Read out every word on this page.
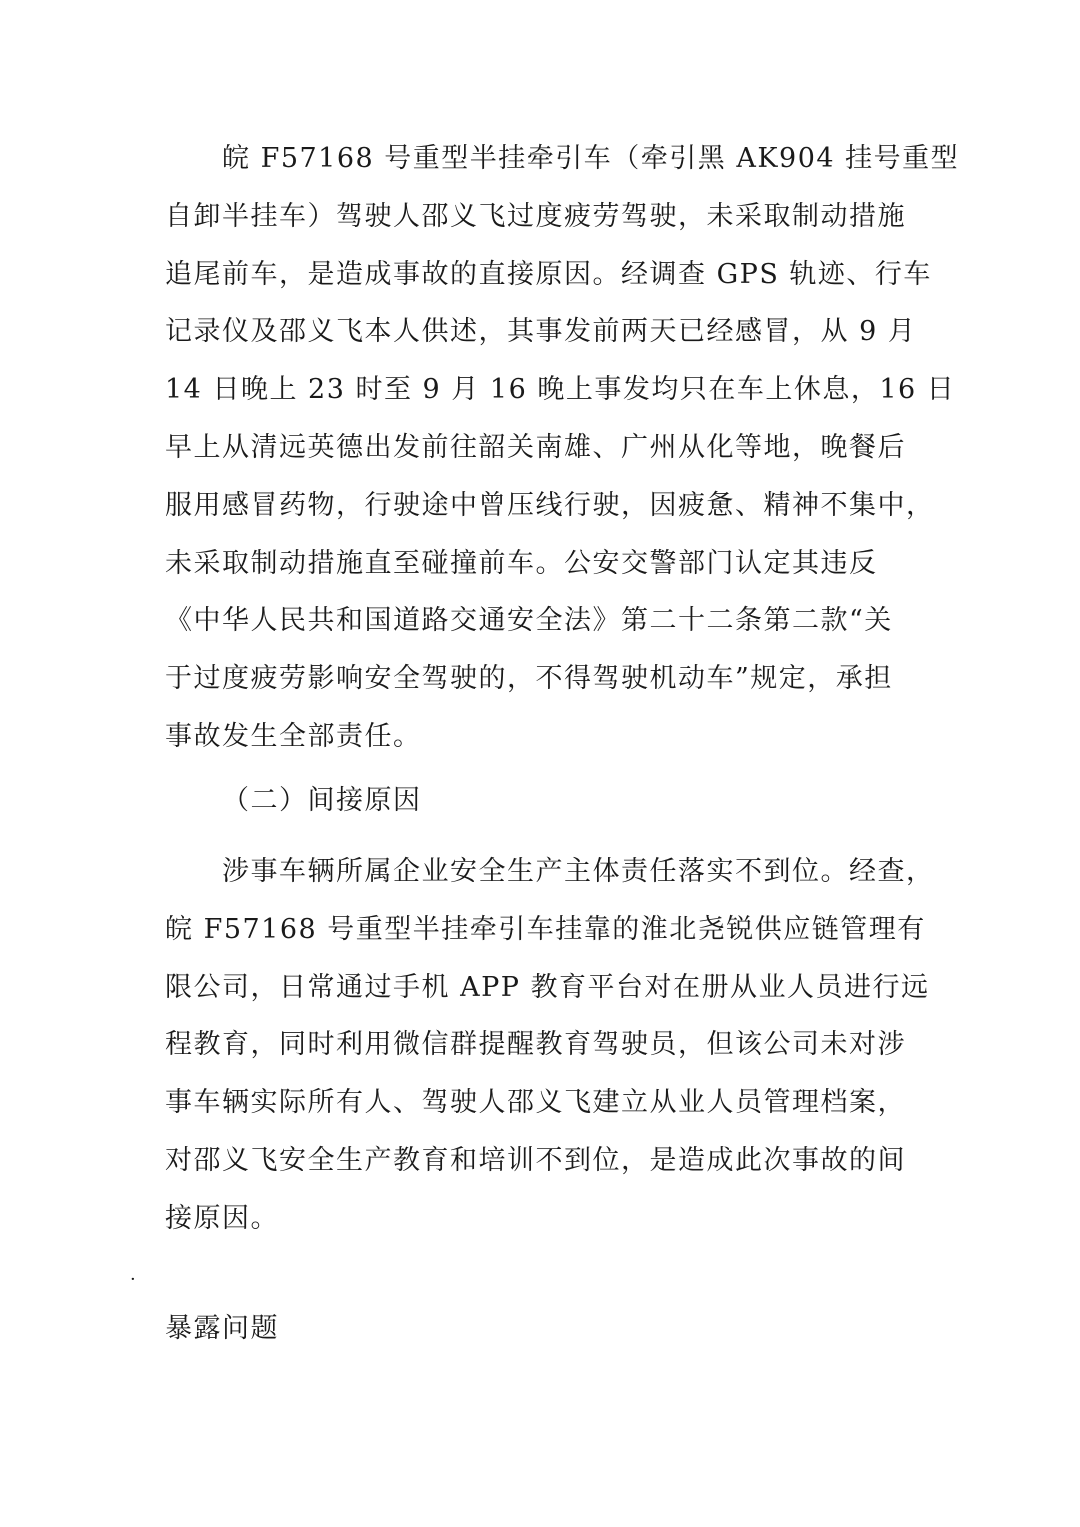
皖 F57168 号重型半挂牵引车（牵引黑 AK904 挂号重型
自卸半挂车）驾驶人邵义飞过度疲劳驾驶，未采取制动措施
追尾前车，是造成事故的直接原因。经调查 GPS 轨迹、行车
记录仪及邵义飞本人供述，其事发前两天已经感冒，从 9 月
14 日晚上 23 时至 9 月 16 晚上事发均只在车上休息，16 日
早上从清远英德出发前往韶关南雄、广州从化等地，晚餐后
服用感冒药物，行驶途中曾压线行驶，因疲惫、精神不集中，
未采取制动措施直至碰撞前车。公安交警部门认定其违反
《中华人民共和国道路交通安全法》第二十二条第二款“关
于过度疲劳影响安全驾驶的，不得驾驶机动车”规定，承担
事故发生全部责任。
（二）间接原因
涉事车辆所属企业安全生产主体责任落实不到位。经查，
皖 F57168 号重型半挂牵引车挂靠的淮北尧锐供应链管理有
限公司，日常通过手机 APP 教育平台对在册从业人员进行远
程教育，同时利用微信群提醒教育驾驶员，但该公司未对涉
事车辆实际所有人、驾驶人邵义飞建立从业人员管理档案，
对邵义飞安全生产教育和培训不到位，是造成此次事故的间
接原因。
·
暴露问题
